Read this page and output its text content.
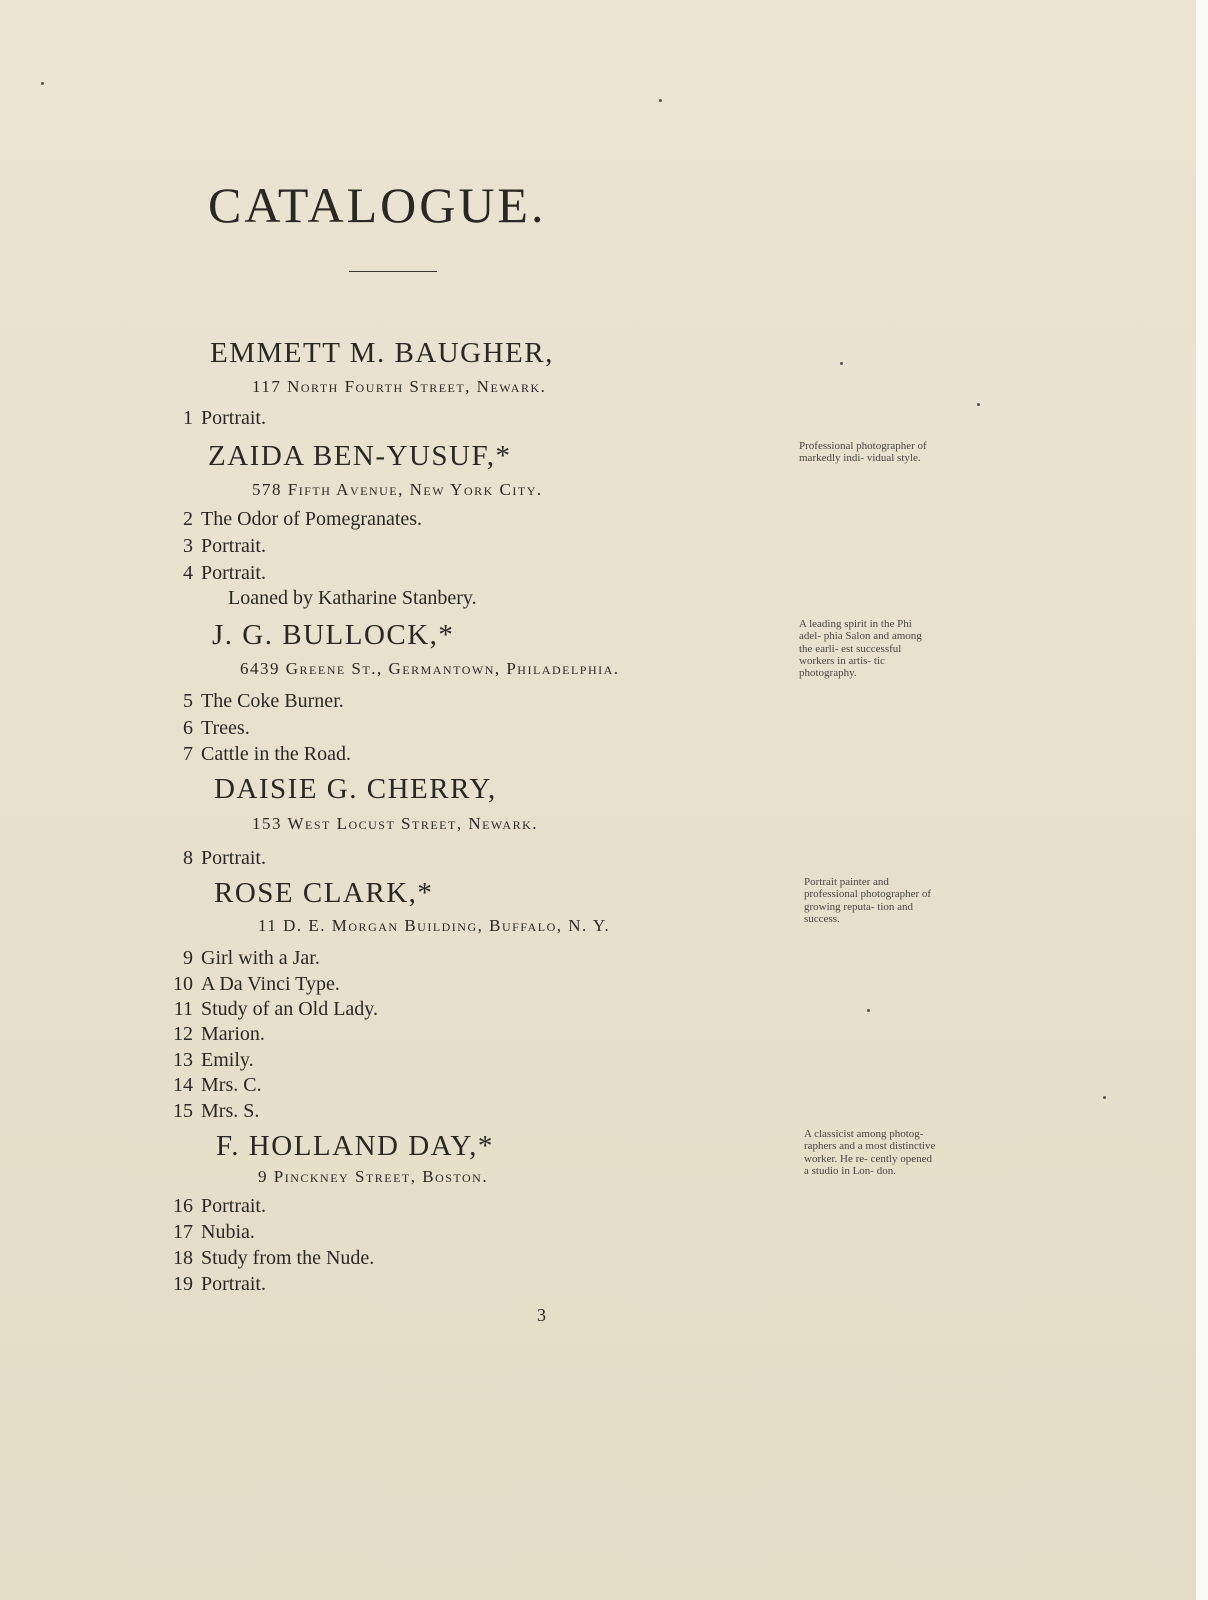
CATALOGUE.
EMMETT M. BAUGHER,
117 North Fourth Street, Newark.
1 Portrait.
ZAIDA BEN-YUSUF,*
578 Fifth Avenue, New York City.
Professional photographer of markedly indi- vidual style.
2 The Odor of Pomegranates.
3 Portrait.
4 Portrait.
Loaned by Katharine Stanbery.
J. G. BULLOCK,*
6439 Greene St., Germantown, Philadelphia.
A leading spirit in the Phi adel- phia Salon and among the earli- est successful workers in artis- tic photography.
5 The Coke Burner.
6 Trees.
7 Cattle in the Road.
DAISIE G. CHERRY,
153 West Locust Street, Newark.
8 Portrait.
ROSE CLARK,*
11 D. E. Morgan Building, Buffalo, N. Y.
Portrait painter and professional photographer of growing reputa- tion and success.
9 Girl with a Jar.
10 A Da Vinci Type.
11 Study of an Old Lady.
12 Marion.
13 Emily.
14 Mrs. C.
15 Mrs. S.
F. HOLLAND DAY,*
9 Pinckney Street, Boston.
A classicist among photog- raphers and a most distinctive worker. He re- cently opened a studio in Lon- don.
16 Portrait.
17 Nubia.
18 Study from the Nude.
19 Portrait.
3
